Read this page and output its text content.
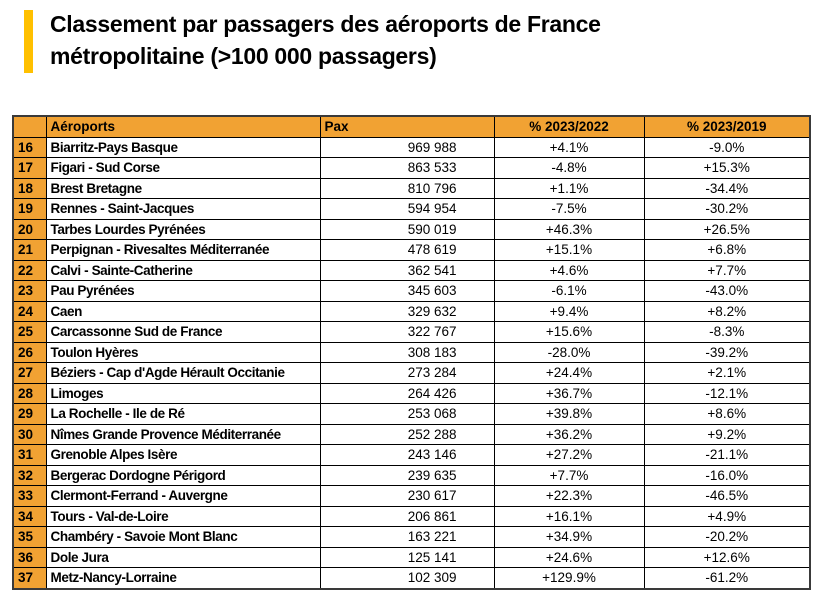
Classement par passagers des aéroports de France
métropolitaine (>100 000 passagers)
	Aéroports	Pax	% 2023/2022	% 2023/2019
16	Biarritz-Pays Basque	969 988	+4.1%	-9.0%
17	Figari - Sud Corse	863 533	-4.8%	+15.3%
18	Brest Bretagne	810 796	+1.1%	-34.4%
19	Rennes - Saint-Jacques	594 954	-7.5%	-30.2%
20	Tarbes Lourdes Pyrénées	590 019	+46.3%	+26.5%
21	Perpignan - Rivesaltes Méditerranée	478 619	+15.1%	+6.8%
22	Calvi - Sainte-Catherine	362 541	+4.6%	+7.7%
23	Pau Pyrénées	345 603	-6.1%	-43.0%
24	Caen	329 632	+9.4%	+8.2%
25	Carcassonne Sud de France	322 767	+15.6%	-8.3%
26	Toulon Hyères	308 183	-28.0%	-39.2%
27	Béziers - Cap d'Agde Hérault Occitanie	273 284	+24.4%	+2.1%
28	Limoges	264 426	+36.7%	-12.1%
29	La Rochelle - Ile de Ré	253 068	+39.8%	+8.6%
30	Nîmes Grande Provence Méditerranée	252 288	+36.2%	+9.2%
31	Grenoble Alpes Isère	243 146	+27.2%	-21.1%
32	Bergerac Dordogne Périgord	239 635	+7.7%	-16.0%
33	Clermont-Ferrand - Auvergne	230 617	+22.3%	-46.5%
34	Tours - Val-de-Loire	206 861	+16.1%	+4.9%
35	Chambéry - Savoie Mont Blanc	163 221	+34.9%	-20.2%
36	Dole Jura	125 141	+24.6%	+12.6%
37	Metz-Nancy-Lorraine	102 309	+129.9%	-61.2%
